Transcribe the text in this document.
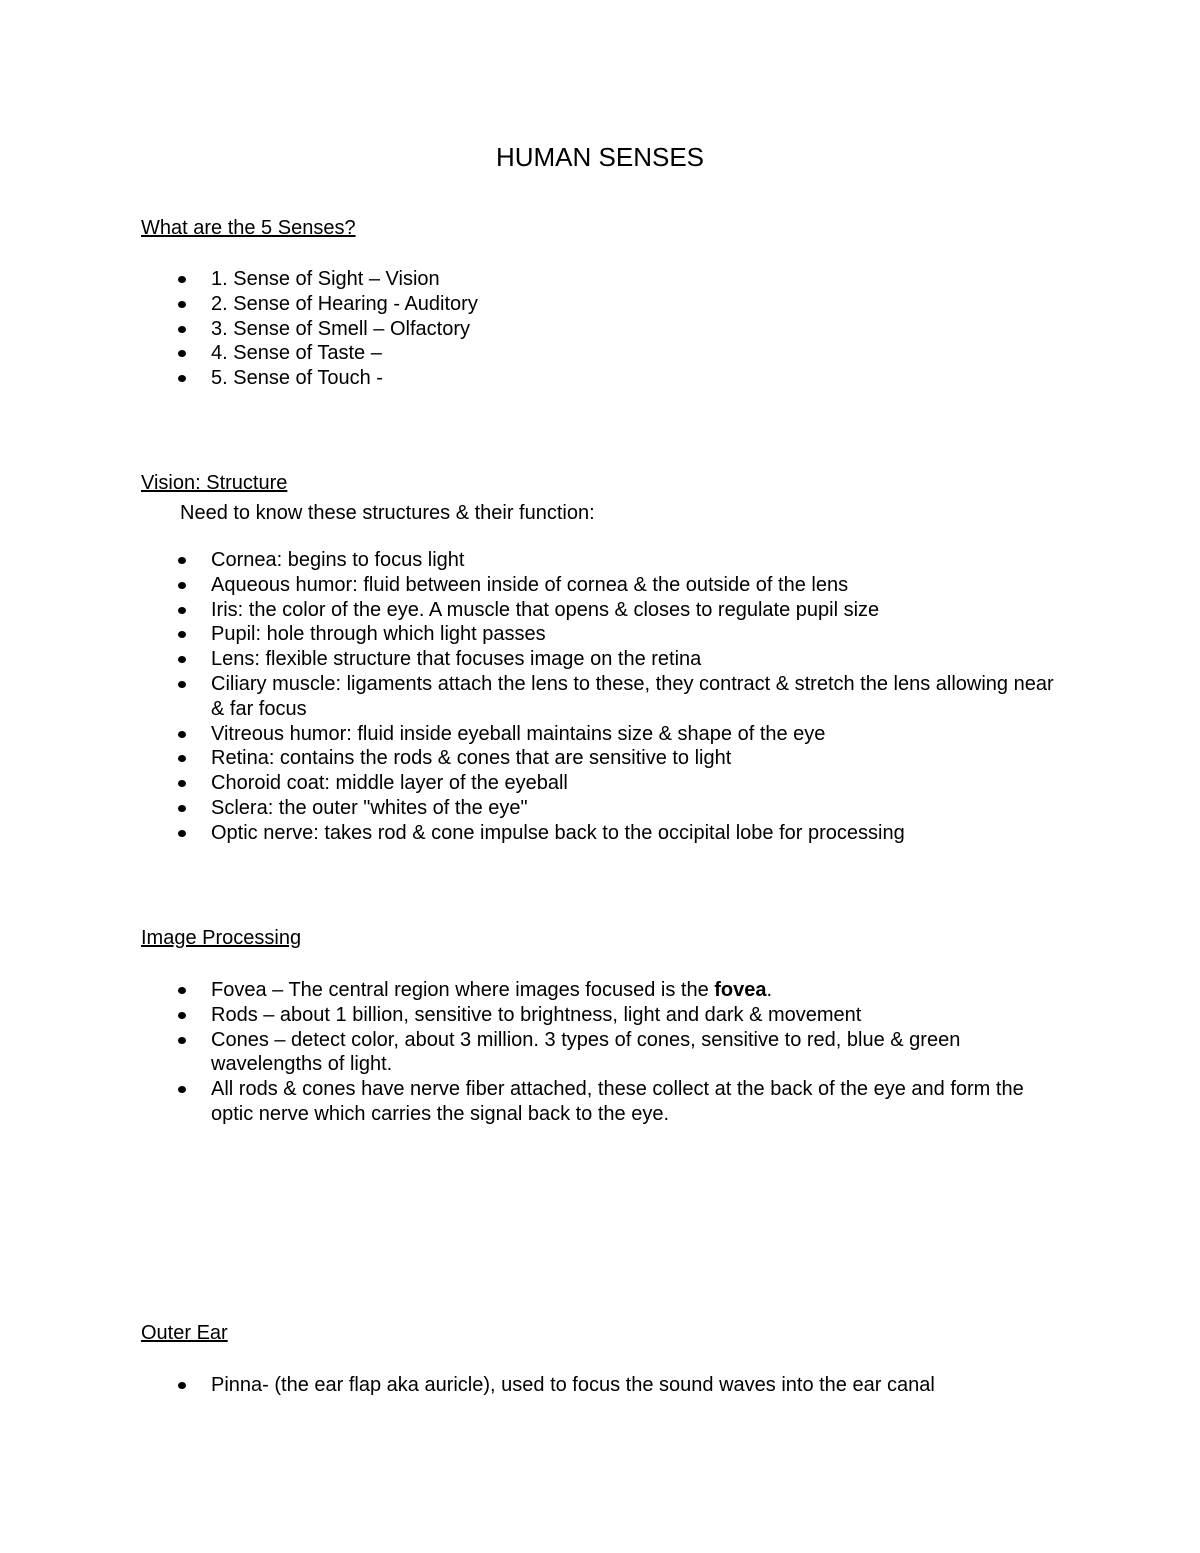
HUMAN SENSES
What are the 5 Senses?
1. Sense of Sight – Vision
2. Sense of Hearing - Auditory
3. Sense of Smell – Olfactory
4. Sense of Taste –
5. Sense of Touch -
Vision: Structure
Need to know these structures & their function:
Cornea: begins to focus light
Aqueous humor: fluid between inside of cornea & the outside of the lens
Iris: the color of the eye. A muscle that opens & closes to regulate pupil size
Pupil: hole through which light passes
Lens: flexible structure that focuses image on the retina
Ciliary muscle: ligaments attach the lens to these, they contract & stretch the lens allowing near & far focus
Vitreous humor: fluid inside eyeball maintains size & shape of the eye
Retina: contains the rods & cones that are sensitive to light
Choroid coat: middle layer of the eyeball
Sclera: the outer "whites of the eye"
Optic nerve: takes rod & cone impulse back to the occipital lobe for processing
Image Processing
Fovea – The central region where images focused is the fovea.
Rods – about 1 billion, sensitive to brightness, light and dark & movement
Cones – detect color, about 3 million. 3 types of cones, sensitive to red, blue & green wavelengths of light.
All rods & cones have nerve fiber attached, these collect at the back of the eye and form the optic nerve which carries the signal back to the eye.
Outer Ear
Pinna- (the ear flap aka auricle), used to focus the sound waves into the ear canal
